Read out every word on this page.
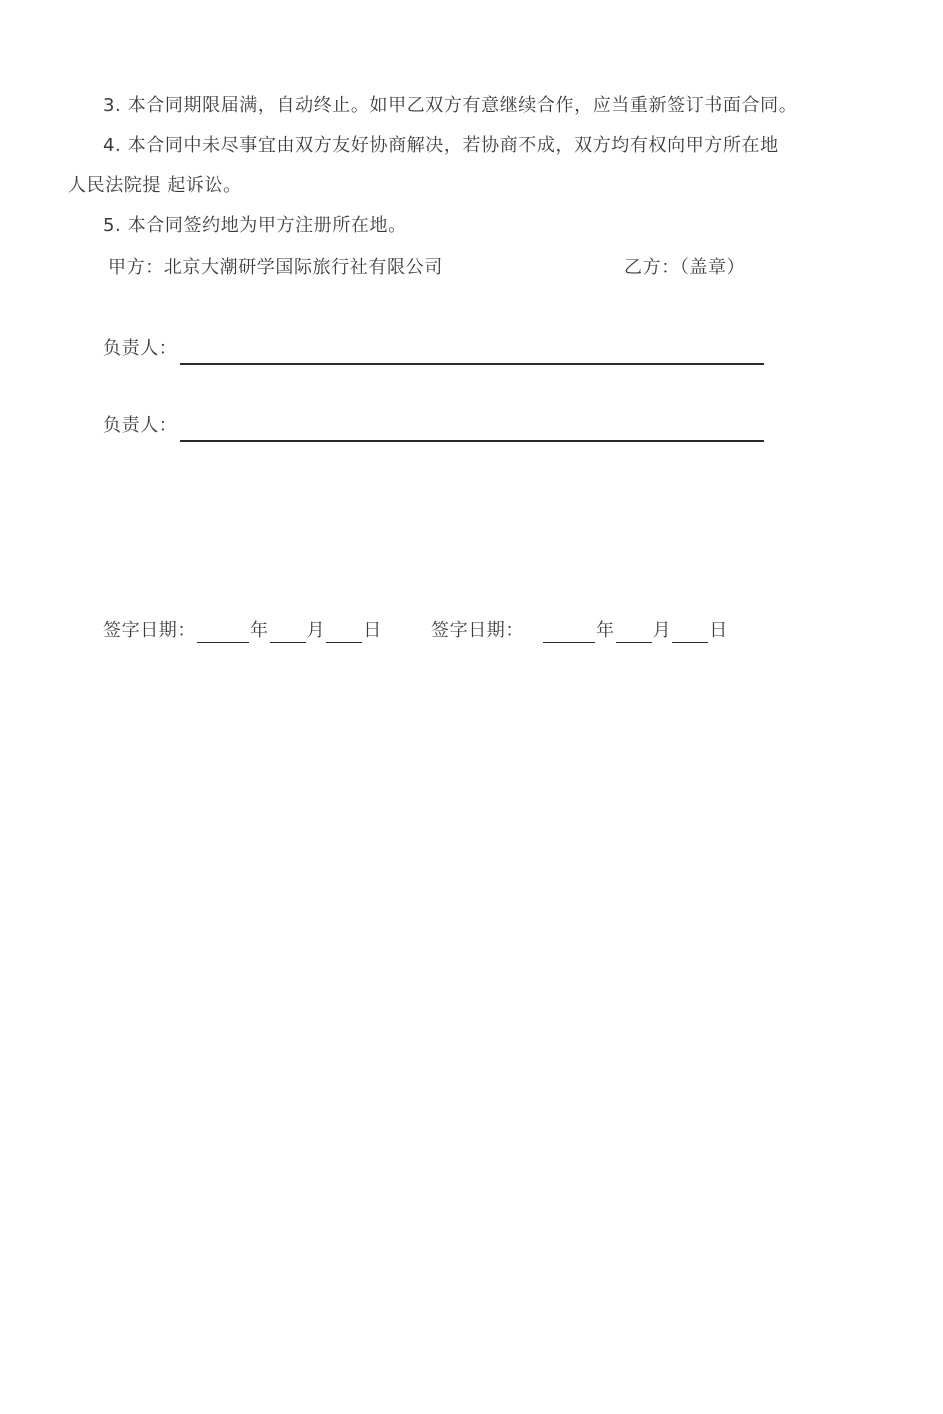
3. 本合同期限届满，自动终止。如甲乙双方有意继续合作，应当重新签订书面合同。
4. 本合同中未尽事宜由双方友好协商解决，若协商不成，双方均有权向甲方所在地
人民法院提 起诉讼。
5. 本合同签约地为甲方注册所在地。
甲方：北京大潮研学国际旅行社有限公司	乙方：（盖章）
负责人：
负责人：
签字日期：	年 月 日	签字日期：	年 月 日
